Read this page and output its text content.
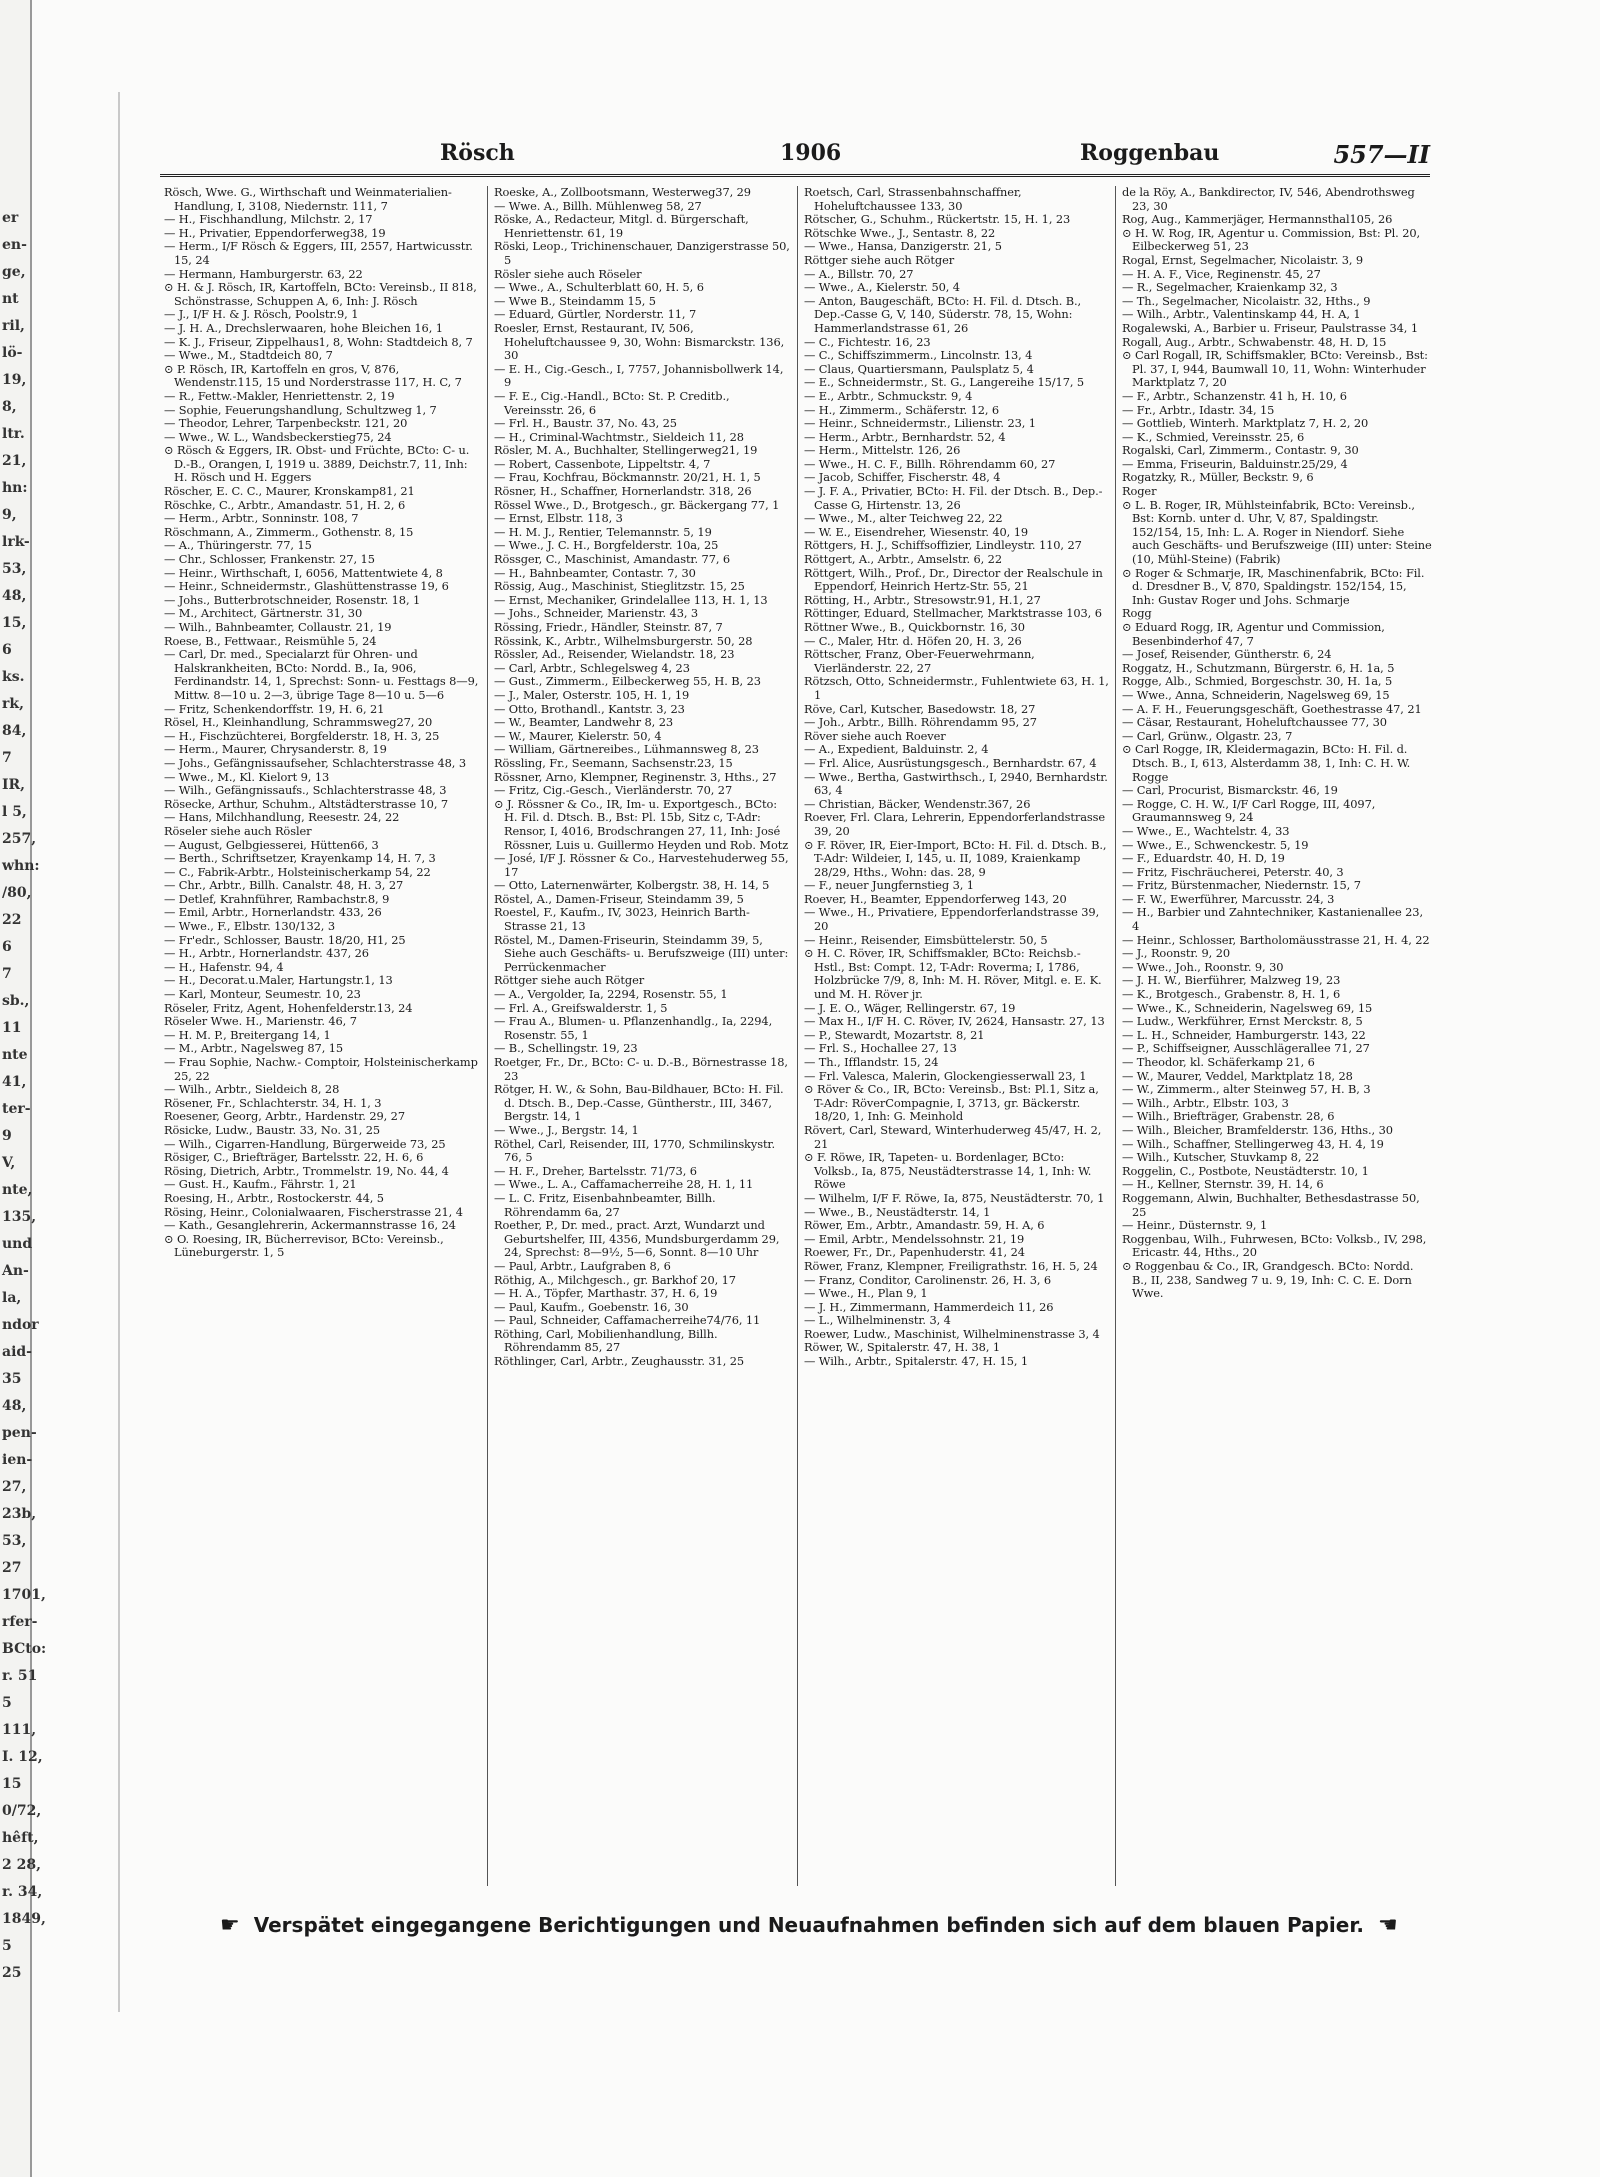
er
en-
ge,
nt
ril,
lö-
19,
8,
ltr.
21,
hn:
9,
lrk-
53,
48,
15,
6
ks.
rk,
84,
7
IR,
l 5,
257,
whn:
/80,
22
6
7
sb.,
11
nte
41,
ter-
9
V,
nte,
135,
und
An-
la,
ndor
aid-
35
48,
pen-
ien-
27,
23b,
53,
27
1701,
rfer-
BCto:
r. 51
5
111,
I. 12,
15
0/72,
hêft,
2 28,
r. 34,
1849,
5
25
Rösch	1906	Roggenbau	557—II

Rösch, Wwe. G., Wirthschaft und Weinmaterialien-Handlung, I, 3108, Niedernstr. 111, 7

— H., Fischhandlung, Milchstr. 2, 17

— H., Privatier, Eppendorferweg38, 19

— Herm., I/F Rösch & Eggers, III, 2557, Hartwicusstr. 15, 24

— Hermann, Hamburgerstr. 63, 22

⊙ H. & J. Rösch, IR, Kartoffeln, BCto: Vereinsb., II 818, Schönstrasse, Schuppen A, 6, Inh: J. Rösch

— J., I/F H. & J. Rösch, Poolstr.9, 1

— J. H. A., Drechslerwaaren, hohe Bleichen 16, 1

— K. J., Friseur, Zippelhaus1, 8, Wohn: Stadtdeich 8, 7

— Wwe., M., Stadtdeich 80, 7

⊙ P. Rösch, IR, Kartoffeln en gros, V, 876, Wendenstr.115, 15 und Norderstrasse 117, H. C, 7

— R., Fettw.-Makler, Henriettenstr. 2, 19

— Sophie, Feuerungshandlung, Schultzweg 1, 7

— Theodor, Lehrer, Tarpenbeckstr. 121, 20

— Wwe., W. L., Wandsbeckerstieg75, 24

⊙ Rösch & Eggers, IR. Obst- und Früchte, BCto: C- u. D.-B., Orangen, I, 1919 u. 3889, Deichstr.7, 11, Inh: H. Rösch und H. Eggers

Röscher, E. C. C., Maurer, Kronskamp81, 21

Röschke, C., Arbtr., Amandastr. 51, H. 2, 6

— Herm., Arbtr., Sonninstr. 108, 7

Röschmann, A., Zimmerm., Gothenstr. 8, 15

— A., Thüringerstr. 77, 15

— Chr., Schlosser, Frankenstr. 27, 15

— Heinr., Wirthschaft, I, 6056, Mattentwiete 4, 8

— Heinr., Schneidermstr., Glashüttenstrasse 19, 6

— Johs., Butterbrotschneider, Rosenstr. 18, 1

— M., Architect, Gärtnerstr. 31, 30

— Wilh., Bahnbeamter, Collaustr. 21, 19

Roese, B., Fettwaar., Reismühle 5, 24

— Carl, Dr. med., Specialarzt für Ohren- und Halskrankheiten, BCto: Nordd. B., Ia, 906, Ferdinandstr. 14, 1, Sprechst: Sonn- u. Festtags 8—9, Mittw. 8—10 u. 2—3, übrige Tage 8—10 u. 5—6

— Fritz, Schenkendorffstr. 19, H. 6, 21

Rösel, H., Kleinhandlung, Schrammsweg27, 20

— H., Fischzüchterei, Borgfelderstr. 18, H. 3, 25

— Herm., Maurer, Chrysanderstr. 8, 19

— Johs., Gefängnissaufseher, Schlachterstrasse 48, 3

— Wwe., M., Kl. Kielort 9, 13

— Wilh., Gefängnissaufs., Schlachterstrasse 48, 3

Rösecke, Arthur, Schuhm., Altstädterstrasse 10, 7

— Hans, Milchhandlung, Reesestr. 24, 22

Röseler siehe auch Rösler

— August, Gelbgiesserei, Hütten66, 3

— Berth., Schriftsetzer, Krayenkamp 14, H. 7, 3

— C., Fabrik-Arbtr., Holsteinischerkamp 54, 22

— Chr., Arbtr., Billh. Canalstr. 48, H. 3, 27

— Detlef, Krahnführer, Rambachstr.8, 9

— Emil, Arbtr., Hornerlandstr. 433, 26

— Wwe., F., Elbstr. 130/132, 3

— Fr'edr., Schlosser, Baustr. 18/20, H1, 25

— H., Arbtr., Hornerlandstr. 437, 26

— H., Hafenstr. 94, 4

— H., Decorat.u.Maler, Hartungstr.1, 13

— Karl, Monteur, Seumestr. 10, 23

Röseler, Fritz, Agent, Hohenfelderstr.13, 24

Röseler Wwe. H., Marienstr. 46, 7

— H. M. P., Breitergang 14, 1

— M., Arbtr., Nagelsweg 87, 15

— Frau Sophie, Nachw.- Comptoir, Holsteinischerkamp 25, 22

— Wilh., Arbtr., Sieldeich 8, 28

Rösener, Fr., Schlachterstr. 34, H. 1, 3

Roesener, Georg, Arbtr., Hardenstr. 29, 27

Rösicke, Ludw., Baustr. 33, No. 31, 25

— Wilh., Cigarren-Handlung, Bürgerweide 73, 25

Rösiger, C., Briefträger, Bartelsstr. 22, H. 6, 6

Rösing, Dietrich, Arbtr., Trommelstr. 19, No. 44, 4

— Gust. H., Kaufm., Fährstr. 1, 21

Roesing, H., Arbtr., Rostockerstr. 44, 5

Rösing, Heinr., Colonialwaaren, Fischerstrasse 21, 4

— Kath., Gesanglehrerin, Ackermannstrasse 16, 24

⊙ O. Roesing, IR, Bücherrevisor, BCto: Vereinsb., Lüneburgerstr. 1, 5

Roeske, A., Zollbootsmann, Westerweg37, 29

— Wwe. A., Billh. Mühlenweg 58, 27

Röske, A., Redacteur, Mitgl. d. Bürgerschaft, Henriettenstr. 61, 19

Röski, Leop., Trichinenschauer, Danzigerstrasse 50, 5

Rösler siehe auch Röseler

— Wwe., A., Schulterblatt 60, H. 5, 6

— Wwe B., Steindamm 15, 5

— Eduard, Gürtler, Norderstr. 11, 7

Roesler, Ernst, Restaurant, IV, 506, Hoheluftchaussee 9, 30, Wohn: Bismarckstr. 136, 30

— E. H., Cig.-Gesch., I, 7757, Johannisbollwerk 14, 9

— F. E., Cig.-Handl., BCto: St. P. Creditb., Vereinsstr. 26, 6

— Frl. H., Baustr. 37, No. 43, 25

— H., Criminal-Wachtmstr., Sieldeich 11, 28

Rösler, M. A., Buchhalter, Stellingerweg21, 19

— Robert, Cassenbote, Lippeltstr. 4, 7

— Frau, Kochfrau, Böckmannstr. 20/21, H. 1, 5

Rösner, H., Schaffner, Hornerlandstr. 318, 26

Rössel Wwe., D., Brotgesch., gr. Bäckergang 77, 1

— Ernst, Elbstr. 118, 3

— H. M. J., Rentier, Telemannstr. 5, 19

— Wwe., J. C. H., Borgfelderstr. 10a, 25

Rössger, C., Maschinist, Amandastr. 77, 6

— H., Bahnbeamter, Contastr. 7, 30

Rössig, Aug., Maschinist, Stieglitzstr. 15, 25

— Ernst, Mechaniker, Grindelallee 113, H. 1, 13

— Johs., Schneider, Marienstr. 43, 3

Rössing, Friedr., Händler, Steinstr. 87, 7

Rössink, K., Arbtr., Wilhelmsburgerstr. 50, 28

Rössler, Ad., Reisender, Wielandstr. 18, 23

— Carl, Arbtr., Schlegelsweg 4, 23

— Gust., Zimmerm., Eilbeckerweg 55, H. B, 23

— J., Maler, Osterstr. 105, H. 1, 19

— Otto, Brothandl., Kantstr. 3, 23

— W., Beamter, Landwehr 8, 23

— W., Maurer, Kielerstr. 50, 4

— William, Gärtnereibes., Lühmannsweg 8, 23

Rössling, Fr., Seemann, Sachsenstr.23, 15

Rössner, Arno, Klempner, Reginenstr. 3, Hths., 27

— Fritz, Cig.-Gesch., Vierländerstr. 70, 27

⊙ J. Rössner & Co., IR, Im- u. Exportgesch., BCto: H. Fil. d. Dtsch. B., Bst: Pl. 15b, Sitz c, T-Adr: Rensor, I, 4016, Brodschrangen 27, 11, Inh: José Rössner, Luis u. Guillermo Heyden und Rob. Motz

— José, I/F J. Rössner & Co., Harvestehuderweg 55, 17

— Otto, Laternenwärter, Kolbergstr. 38, H. 14, 5

Röstel, A., Damen-Friseur, Steindamm 39, 5

Roestel, F., Kaufm., IV, 3023, Heinrich Barth-Strasse 21, 13

Röstel, M., Damen-Friseurin, Steindamm 39, 5, Siehe auch Geschäfts- u. Berufszweige (III) unter: Perrückenmacher

Röttger siehe auch Rötger

— A., Vergolder, Ia, 2294, Rosenstr. 55, 1

— Frl. A., Greifswalderstr. 1, 5

— Frau A., Blumen- u. Pflanzenhandlg., Ia, 2294, Rosenstr. 55, 1

— B., Schellingstr. 19, 23

Roetger, Fr., Dr., BCto: C- u. D.-B., Börnestrasse 18, 23

Rötger, H. W., & Sohn, Bau-Bildhauer, BCto: H. Fil. d. Dtsch. B., Dep.-Casse, Güntherstr., III, 3467, Bergstr. 14, 1

— Wwe., J., Bergstr. 14, 1

Röthel, Carl, Reisender, III, 1770, Schmilinskystr. 76, 5

— H. F., Dreher, Bartelsstr. 71/73, 6

— Wwe., L. A., Caffamacherreihe 28, H. 1, 11

— L. C. Fritz, Eisenbahnbeamter, Billh. Röhrendamm 6a, 27

Roether, P., Dr. med., pract. Arzt, Wundarzt und Geburtshelfer, III, 4356, Mundsburgerdamm 29, 24, Sprechst: 8—9½, 5—6, Sonnt. 8—10 Uhr

— Paul, Arbtr., Laufgraben 8, 6

Röthig, A., Milchgesch., gr. Barkhof 20, 17

— H. A., Töpfer, Marthastr. 37, H. 6, 19

— Paul, Kaufm., Goebenstr. 16, 30

— Paul, Schneider, Caffamacherreihe74/76, 11

Röthing, Carl, Mobilienhandlung, Billh. Röhrendamm 85, 27

Röthlinger, Carl, Arbtr., Zeughausstr. 31, 25

Roetsch, Carl, Strassenbahnschaffner, Hoheluftchaussee 133, 30

Rötscher, G., Schuhm., Rückertstr. 15, H. 1, 23

Rötschke Wwe., J., Sentastr. 8, 22

— Wwe., Hansa, Danzigerstr. 21, 5

Röttger siehe auch Rötger

— A., Billstr. 70, 27

— Wwe., A., Kielerstr. 50, 4

— Anton, Baugeschäft, BCto: H. Fil. d. Dtsch. B., Dep.-Casse G, V, 140, Süderstr. 78, 15, Wohn: Hammerlandstrasse 61, 26

— C., Fichtestr. 16, 23

— C., Schiffszimmerm., Lincolnstr. 13, 4

— Claus, Quartiersmann, Paulsplatz 5, 4

— E., Schneidermstr., St. G., Langereihe 15/17, 5

— E., Arbtr., Schmuckstr. 9, 4

— H., Zimmerm., Schäferstr. 12, 6

— Heinr., Schneidermstr., Lilienstr. 23, 1

— Herm., Arbtr., Bernhardstr. 52, 4

— Herm., Mittelstr. 126, 26

— Wwe., H. C. F., Billh. Röhrendamm 60, 27

— Jacob, Schiffer, Fischerstr. 48, 4

— J. F. A., Privatier, BCto: H. Fil. der Dtsch. B., Dep.-Casse G, Hirtenstr. 13, 26

— Wwe., M., alter Teichweg 22, 22

— W. E., Eisendreher, Wiesenstr. 40, 19

Röttgers, H. J., Schiffsoffizier, Lindleystr. 110, 27

Röttgert, A., Arbtr., Amselstr. 6, 22

Röttgert, Wilh., Prof., Dr., Director der Realschule in Eppendorf, Heinrich Hertz-Str. 55, 21

Rötting, H., Arbtr., Stresowstr.91, H.1, 27

Röttinger, Eduard, Stellmacher, Marktstrasse 103, 6

Röttner Wwe., B., Quickbornstr. 16, 30

— C., Maler, Htr. d. Höfen 20, H. 3, 26

Röttscher, Franz, Ober-Feuerwehrmann, Vierländerstr. 22, 27

Rötzsch, Otto, Schneidermstr., Fuhlentwiete 63, H. 1, 1

Röve, Carl, Kutscher, Basedowstr. 18, 27

— Joh., Arbtr., Billh. Röhrendamm 95, 27

Röver siehe auch Roever

— A., Expedient, Balduinstr. 2, 4

— Frl. Alice, Ausrüstungsgesch., Bernhardstr. 67, 4

— Wwe., Bertha, Gastwirthsch., I, 2940, Bernhardstr. 63, 4

— Christian, Bäcker, Wendenstr.367, 26

Roever, Frl. Clara, Lehrerin, Eppendorferlandstrasse 39, 20

⊙ F. Röver, IR, Eier-Import, BCto: H. Fil. d. Dtsch. B., T-Adr: Wildeier, I, 145, u. II, 1089, Kraienkamp 28/29, Hths., Wohn: das. 28, 9

— F., neuer Jungfernstieg 3, 1

Roever, H., Beamter, Eppendorferweg 143, 20

— Wwe., H., Privatiere, Eppendorferlandstrasse 39, 20

— Heinr., Reisender, Eimsbüttelerstr. 50, 5

⊙ H. C. Röver, IR, Schiffsmakler, BCto: Reichsb.-Hstl., Bst: Compt. 12, T-Adr: Roverma; I, 1786, Holzbrücke 7/9, 8, Inh: M. H. Röver, Mitgl. e. E. K. und M. H. Röver jr.

— J. E. O., Wäger, Rellingerstr. 67, 19

— Max H., I/F H. C. Röver, IV, 2624, Hansastr. 27, 13

— P., Stewardt, Mozartstr. 8, 21

— Frl. S., Hochallee 27, 13

— Th., Ifflandstr. 15, 24

— Frl. Valesca, Malerin, Glockengiesserwall 23, 1

⊙ Röver & Co., IR, BCto: Vereinsb., Bst: Pl.1, Sitz a, T-Adr: RöverCompagnie, I, 3713, gr. Bäckerstr. 18/20, 1, Inh: G. Meinhold

Rövert, Carl, Steward, Winterhuderweg 45/47, H. 2, 21

⊙ F. Röwe, IR, Tapeten- u. Bordenlager, BCto: Volksb., Ia, 875, Neustädterstrasse 14, 1, Inh: W. Röwe

— Wilhelm, I/F F. Röwe, Ia, 875, Neustädterstr. 70, 1

— Wwe., B., Neustädterstr. 14, 1

Röwer, Em., Arbtr., Amandastr. 59, H. A, 6

— Emil, Arbtr., Mendelssohnstr. 21, 19

Roewer, Fr., Dr., Papenhuderstr. 41, 24

Röwer, Franz, Klempner, Freiligrathstr. 16, H. 5, 24

— Franz, Conditor, Carolinenstr. 26, H. 3, 6

— Wwe., H., Plan 9, 1

— J. H., Zimmermann, Hammerdeich 11, 26

— L., Wilhelminenstr. 3, 4

Roewer, Ludw., Maschinist, Wilhelminenstrasse 3, 4

Röwer, W., Spitalerstr. 47, H. 38, 1

— Wilh., Arbtr., Spitalerstr. 47, H. 15, 1

de la Röy, A., Bankdirector, IV, 546, Abendrothsweg 23, 30

Rog, Aug., Kammerjäger, Hermannsthal105, 26

⊙ H. W. Rog, IR, Agentur u. Commission, Bst: Pl. 20, Eilbeckerweg 51, 23

Rogal, Ernst, Segelmacher, Nicolaistr. 3, 9

— H. A. F., Vice, Reginenstr. 45, 27

— R., Segelmacher, Kraienkamp 32, 3

— Th., Segelmacher, Nicolaistr. 32, Hths., 9

— Wilh., Arbtr., Valentinskamp 44, H. A, 1

Rogalewski, A., Barbier u. Friseur, Paulstrasse 34, 1

Rogall, Aug., Arbtr., Schwabenstr. 48, H. D, 15

⊙ Carl Rogall, IR, Schiffsmakler, BCto: Vereinsb., Bst: Pl. 37, I, 944, Baumwall 10, 11, Wohn: Winterhuder Marktplatz 7, 20

— F., Arbtr., Schanzenstr. 41 h, H. 10, 6

— Fr., Arbtr., Idastr. 34, 15

— Gottlieb, Winterh. Marktplatz 7, H. 2, 20

— K., Schmied, Vereinsstr. 25, 6

Rogalski, Carl, Zimmerm., Contastr. 9, 30

— Emma, Friseurin, Balduinstr.25/29, 4

Rogatzky, R., Müller, Beckstr. 9, 6

Roger

⊙ L. B. Roger, IR, Mühlsteinfabrik, BCto: Vereinsb., Bst: Kornb. unter d. Uhr, V, 87, Spaldingstr. 152/154, 15, Inh: L. A. Roger in Niendorf. Siehe auch Geschäfts- und Berufszweige (III) unter: Steine (10, Mühl-Steine) (Fabrik)

⊙ Roger & Schmarje, IR, Maschinenfabrik, BCto: Fil. d. Dresdner B., V, 870, Spaldingstr. 152/154, 15, Inh: Gustav Roger und Johs. Schmarje

Rogg

⊙ Eduard Rogg, IR, Agentur und Commission, Besenbinderhof 47, 7

— Josef, Reisender, Güntherstr. 6, 24

Roggatz, H., Schutzmann, Bürgerstr. 6, H. 1a, 5

Rogge, Alb., Schmied, Borgeschstr. 30, H. 1a, 5

— Wwe., Anna, Schneiderin, Nagelsweg 69, 15

— A. F. H., Feuerungsgeschäft, Goethestrasse 47, 21

— Cäsar, Restaurant, Hoheluftchaussee 77, 30

— Carl, Grünw., Olgastr. 23, 7

⊙ Carl Rogge, IR, Kleidermagazin, BCto: H. Fil. d. Dtsch. B., I, 613, Alsterdamm 38, 1, Inh: C. H. W. Rogge

— Carl, Procurist, Bismarckstr. 46, 19

— Rogge, C. H. W., I/F Carl Rogge, III, 4097, Graumannsweg 9, 24

— Wwe., E., Wachtelstr. 4, 33

— Wwe., E., Schwenckestr. 5, 19

— F., Eduardstr. 40, H. D, 19

— Fritz, Fischräucherei, Peterstr. 40, 3

— Fritz, Bürstenmacher, Niedernstr. 15, 7

— F. W., Ewerführer, Marcusstr. 24, 3

— H., Barbier und Zahntechniker, Kastanienallee 23, 4

— Heinr., Schlosser, Bartholomäusstrasse 21, H. 4, 22

— J., Roonstr. 9, 20

— Wwe., Joh., Roonstr. 9, 30

— J. H. W., Bierführer, Malzweg 19, 23

— K., Brotgesch., Grabenstr. 8, H. 1, 6

— Wwe., K., Schneiderin, Nagelsweg 69, 15

— Ludw., Werkführer, Ernst Merckstr. 8, 5

— L. H., Schneider, Hamburgerstr. 143, 22

— P., Schiffseigner, Ausschlägerallee 71, 27

— Theodor, kl. Schäferkamp 21, 6

— W., Maurer, Veddel, Marktplatz 18, 28

— W., Zimmerm., alter Steinweg 57, H. B, 3

— Wilh., Arbtr., Elbstr. 103, 3

— Wilh., Briefträger, Grabenstr. 28, 6

— Wilh., Bleicher, Bramfelderstr. 136, Hths., 30

— Wilh., Schaffner, Stellingerweg 43, H. 4, 19

— Wilh., Kutscher, Stuvkamp 8, 22

Roggelin, C., Postbote, Neustädterstr. 10, 1

— H., Kellner, Sternstr. 39, H. 14, 6

Roggemann, Alwin, Buchhalter, Bethesdastrasse 50, 25

— Heinr., Düsternstr. 9, 1

Roggenbau, Wilh., Fuhrwesen, BCto: Volksb., IV, 298, Ericastr. 44, Hths., 20

⊙ Roggenbau & Co., IR, Grandgesch. BCto: Nordd. B., II, 238, Sandweg 7 u. 9, 19, Inh: C. C. E. Dorn Wwe.

☛ Verspätet eingegangene Berichtigungen und Neuaufnahmen befinden sich auf dem blauen Papier. ☚
